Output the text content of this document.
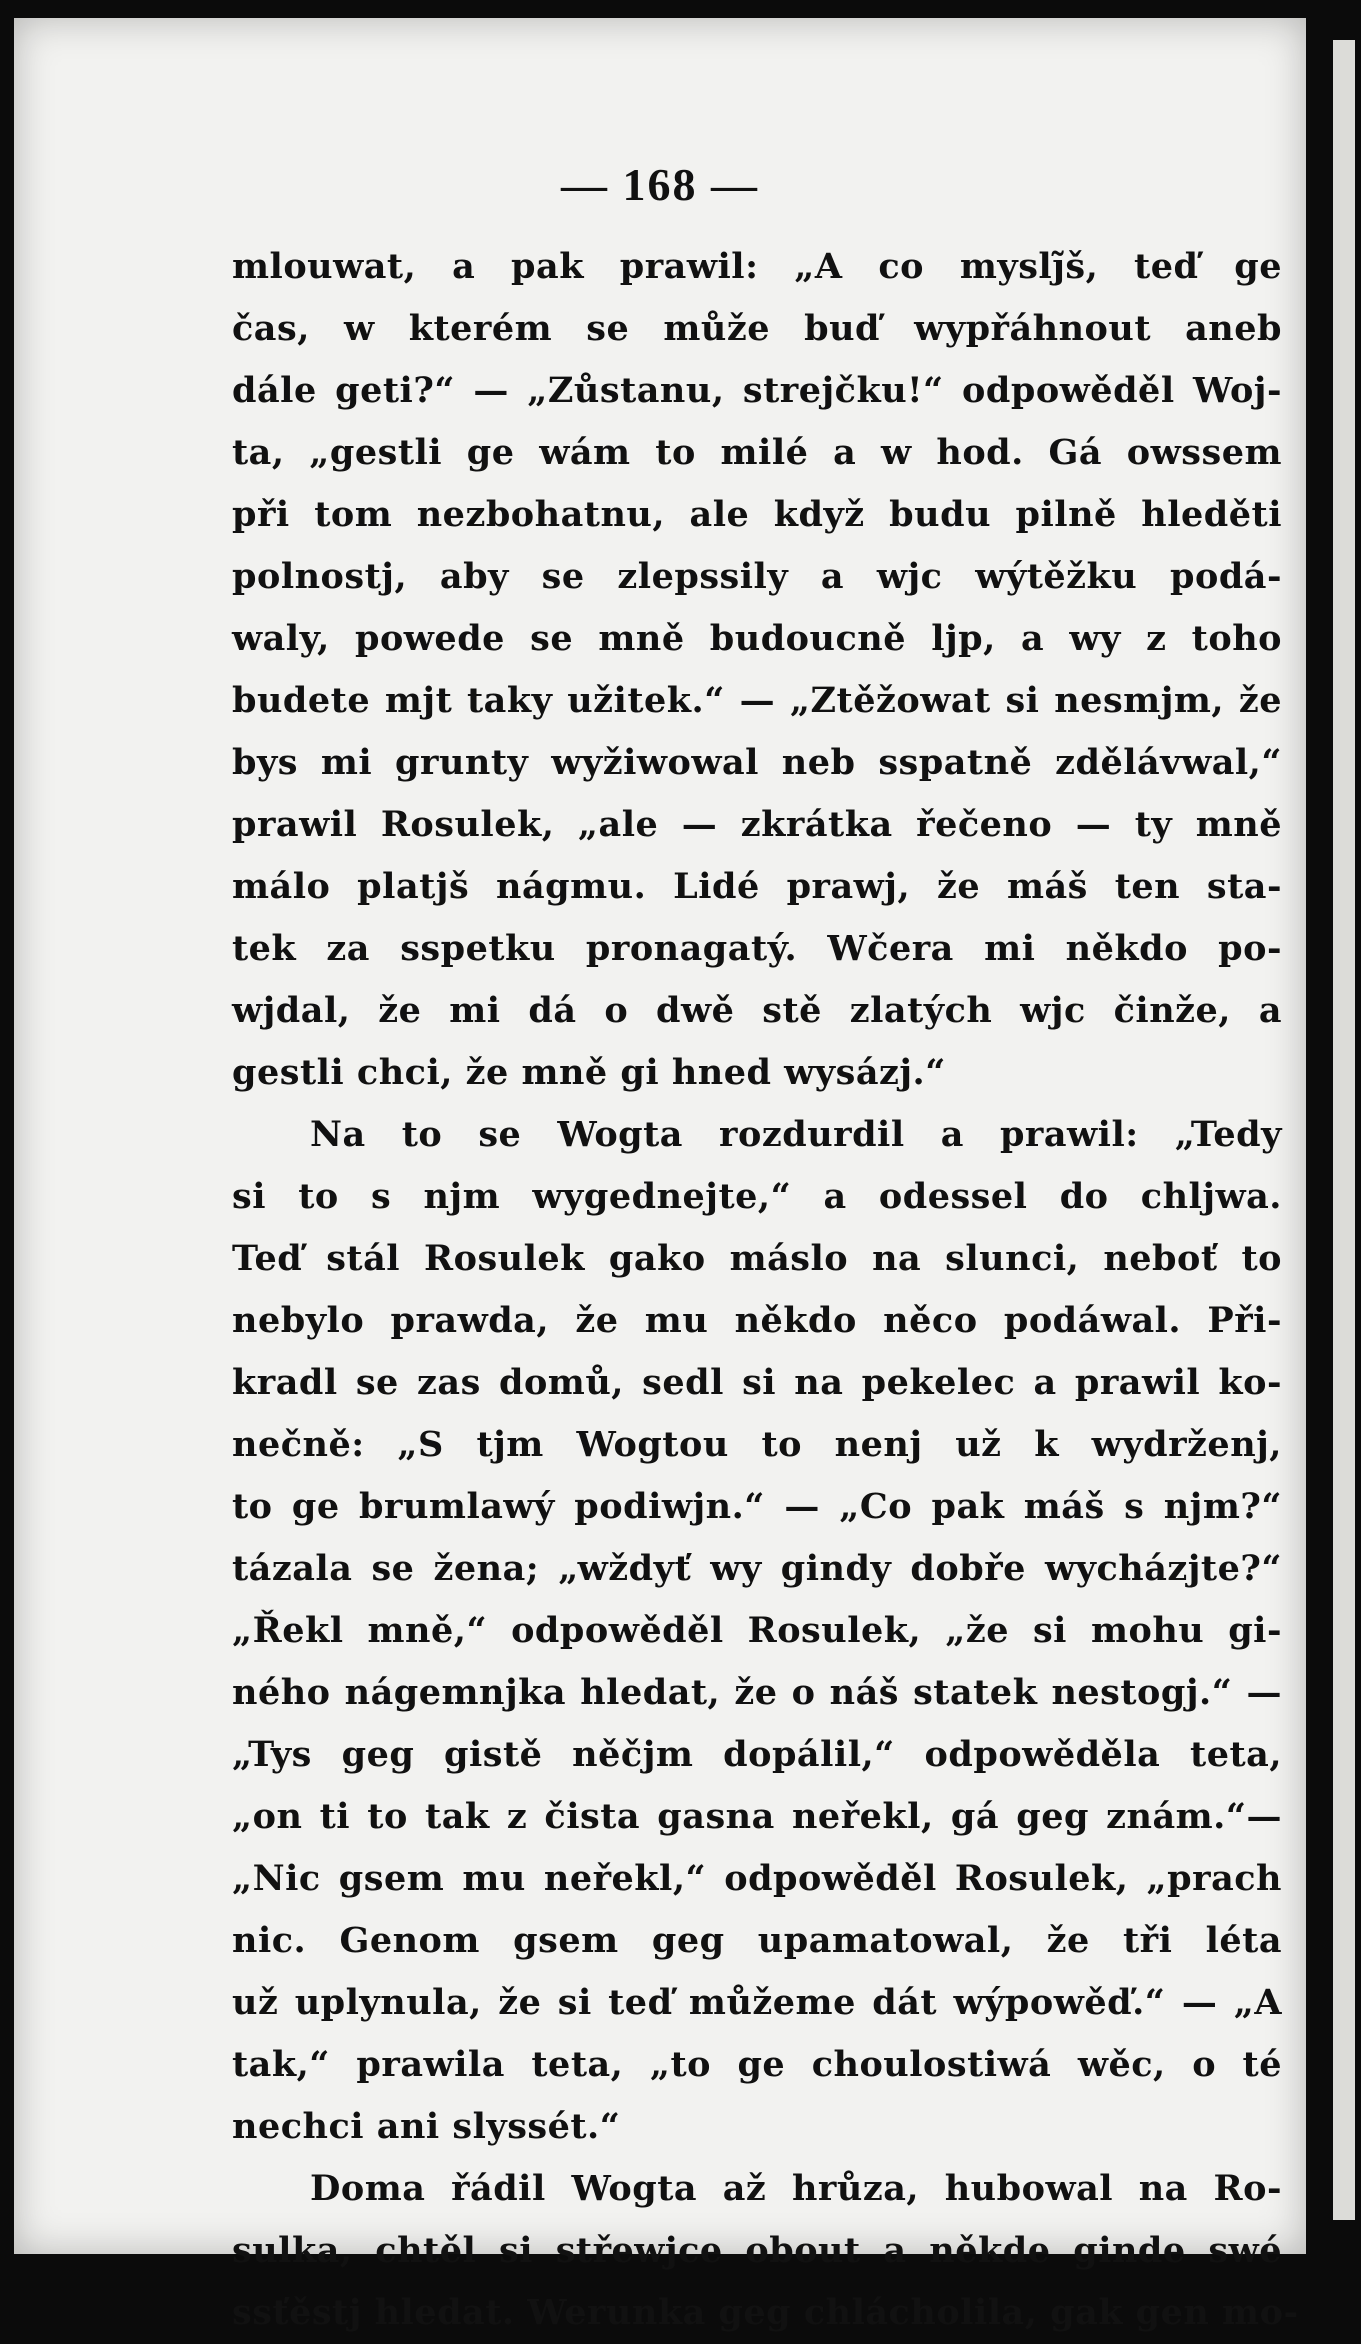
— 168 —
mlouwat, a pak prawil: „A co myslj̃š, teď ge
čas, w kterém se může buď wypřáhnout aneb
dále geti?“ — „Zůstanu, strejčku!“ odpowěděl Woj-
ta, „gestli ge wám to milé a w hod. Gá owssem
při tom nezbohatnu, ale když budu pilně hleděti
polnostj, aby se zlepssily a wjc wýtěžku podá-
waly, powede se mně budoucně ljp, a wy z toho
budete mjt taky užitek.“ — „Ztěžowat si nesmjm, že
bys mi grunty wyžiwowal neb sspatně zdělávwal,“
prawil Rosulek, „ale — zkrátka řečeno — ty mně
málo platjš nágmu. Lidé prawj, že máš ten sta-
tek za sspetku pronagatý. Wčera mi někdo po-
wjdal, že mi dá o dwě stě zlatých wjc činže, a
gestli chci, že mně gi hned wysázj.“
Na to se Wogta rozdurdil a prawil: „Tedy
si to s njm wygednejte,“ a odessel do chljwa.
Teď stál Rosulek gako máslo na slunci, neboť to
nebylo prawda, že mu někdo něco podáwal. Při-
kradl se zas domů, sedl si na pekelec a prawil ko-
nečně: „S tjm Wogtou to nenj už k wydrženj,
to ge brumlawý podiwjn.“ — „Co pak máš s njm?“
tázala se žena; „wždyť wy gindy dobře wycházjte?“
„Řekl mně,“ odpowěděl Rosulek, „že si mohu gi-
ného nágemnjka hledat, že o náš statek nestogj.“ —
„Tys geg gistě něčjm dopálil,“ odpowěděla teta,
„on ti to tak z čista gasna neřekl, gá geg znám.“—
„Nic gsem mu neřekl,“ odpowěděl Rosulek, „prach
nic. Genom gsem geg upamatowal, že tři léta
už uplynula, že si teď můžeme dát wýpowěď.“ — „A
tak,“ prawila teta, „to ge choulostiwá wěc, o té
nechci ani slyssét.“
Doma řádil Wogta až hrůza, hubowal na Ro-
sulka, chtěl si střewjce obout a někde ginde swé
ssťěstj hledat. Werunka geg chlácholila, gak gen mo-
